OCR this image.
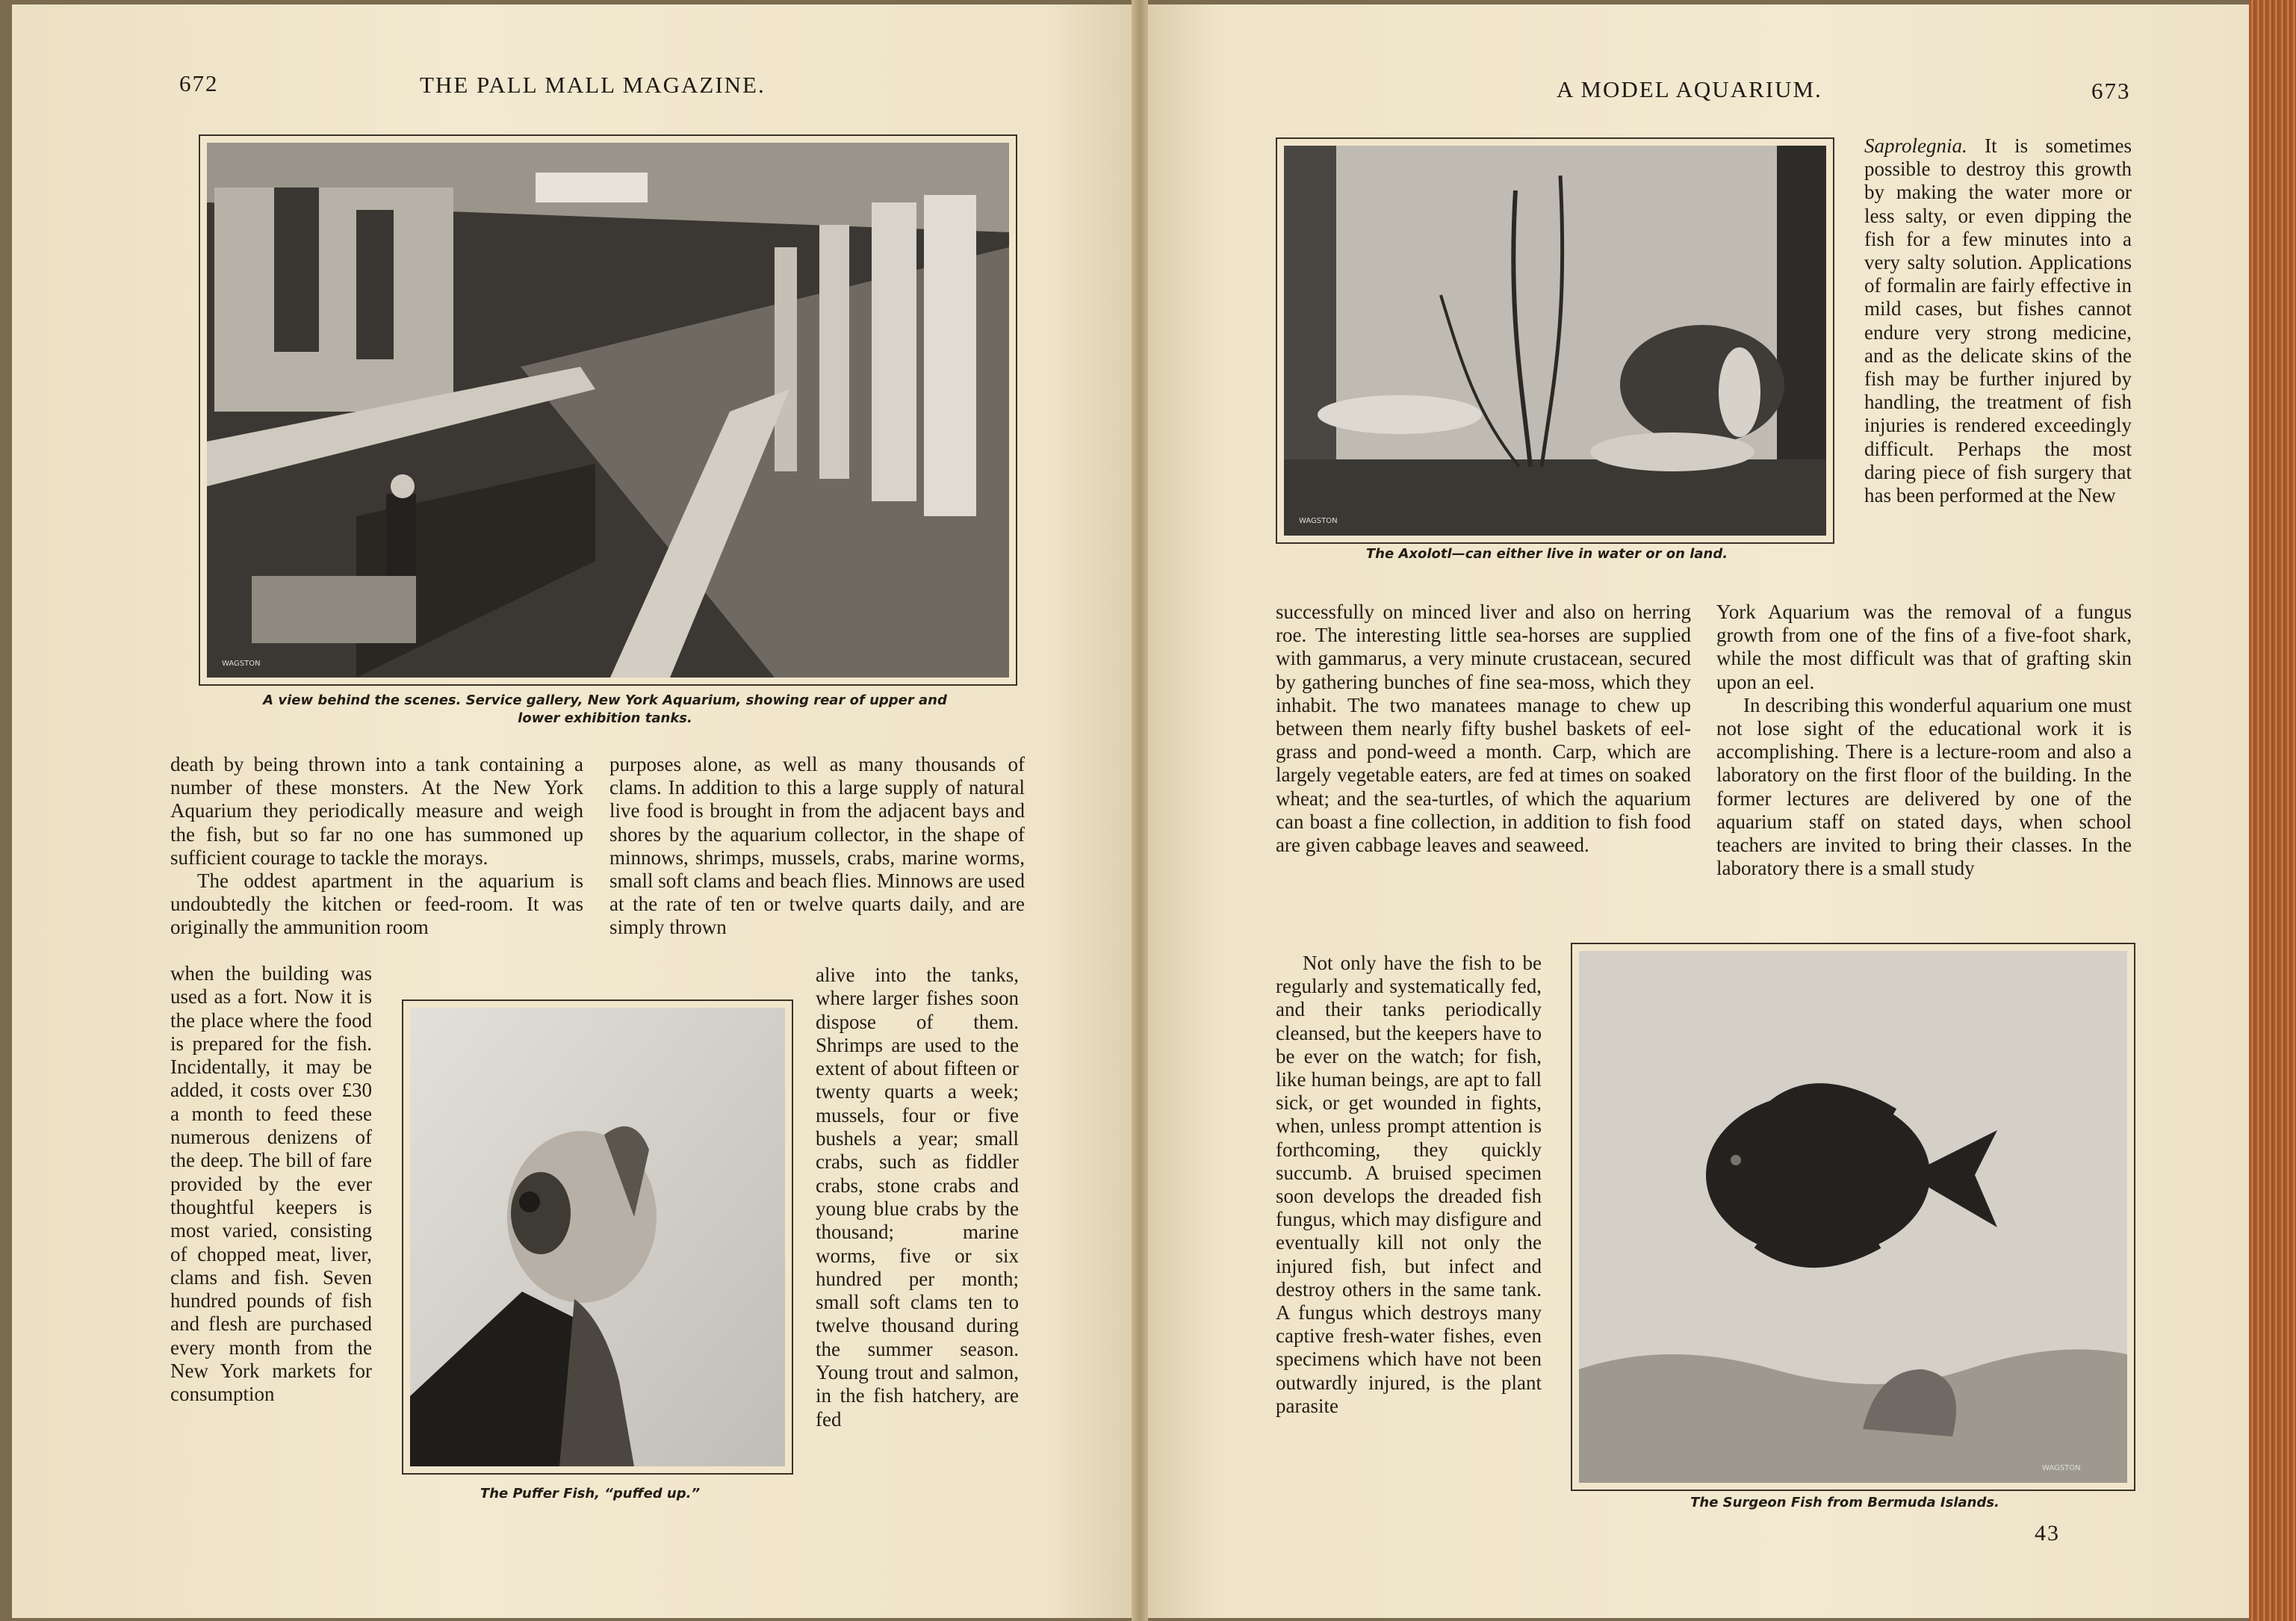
672	THE PALL MALL MAGAZINE.
WAGSTON
A view behind the scenes. Service gallery, New York Aquarium, showing rear of upper and lower exhibition tanks.

death by being thrown into a tank containing a number of these monsters. At the New York Aquarium they periodically measure and weigh the fish, but so far no one has summoned up sufficient courage to tackle the morays.

The oddest apartment in the aquarium is undoubtedly the kitchen or feed-room. It was originally the ammunition room

when the building was used as a fort. Now it is the place where the food is prepared for the fish. Incidentally, it may be added, it costs over £30 a month to feed these numerous denizens of the deep. The bill of fare provided by the ever thoughtful keepers is most varied, consisting of chopped meat, liver, clams and fish. Seven hundred pounds of fish and flesh are purchased every month from the New York markets for consumption

The Puffer Fish, “puffed up.”

purposes alone, as well as many thousands of clams. In addition to this a large supply of natural live food is brought in from the adjacent bays and shores by the aquarium collector, in the shape of minnows, shrimps, mussels, crabs, marine worms, small soft clams and beach flies. Minnows are used at the rate of ten or twelve quarts daily, and are simply thrown

alive into the tanks, where larger fishes soon dispose of them. Shrimps are used to the extent of about fifteen or twenty quarts a week; mussels, four or five bushels a year; small crabs, such as fiddler crabs, stone crabs and young blue crabs by the thousand; marine worms, five or six hundred per month; small soft clams ten to twelve thousand during the summer season. Young trout and salmon, in the fish hatchery, are fed

A MODEL AQUARIUM.	673
WAGSTON
The Axolotl—can either live in water or on land.

Saprolegnia. It is sometimes possible to destroy this growth by making the water more or less salty, or even dipping the fish for a few minutes into a very salty solution. Applications of formalin are fairly effective in mild cases, but fishes cannot endure very strong medicine, and as the delicate skins of the fish may be further injured by handling, the treatment of fish injuries is rendered exceedingly difficult. Perhaps the most daring piece of fish surgery that has been performed at the New

successfully on minced liver and also on herring roe. The interesting little sea-horses are supplied with gammarus, a very minute crustacean, secured by gathering bunches of fine sea-moss, which they inhabit. The two manatees manage to chew up between them nearly fifty bushel baskets of eel-grass and pond-weed a month. Carp, which are largely vegetable eaters, are fed at times on soaked wheat; and the sea-turtles, of which the aquarium can boast a fine collection, in addition to fish food are given cabbage leaves and seaweed.

Not only have the fish to be regularly and systematically fed, and their tanks periodically cleansed, but the keepers have to be ever on the watch; for fish, like human beings, are apt to fall sick, or get wounded in fights, when, unless prompt attention is forthcoming, they quickly succumb. A bruised specimen soon develops the dreaded fish fungus, which may disfigure and eventually kill not only the injured fish, but infect and destroy others in the same tank. A fungus which destroys many captive fresh-water fishes, even specimens which have not been outwardly injured, is the plant parasite

York Aquarium was the removal of a fungus growth from one of the fins of a five-foot shark, while the most difficult was that of grafting skin upon an eel.

In describing this wonderful aquarium one must not lose sight of the educational work it is accomplishing. There is a lecture-room and also a laboratory on the first floor of the building. In the former lectures are delivered by one of the aquarium staff on stated days, when school teachers are invited to bring their classes. In the laboratory there is a small study

WAGSTON
The Surgeon Fish from Bermuda Islands.
43
